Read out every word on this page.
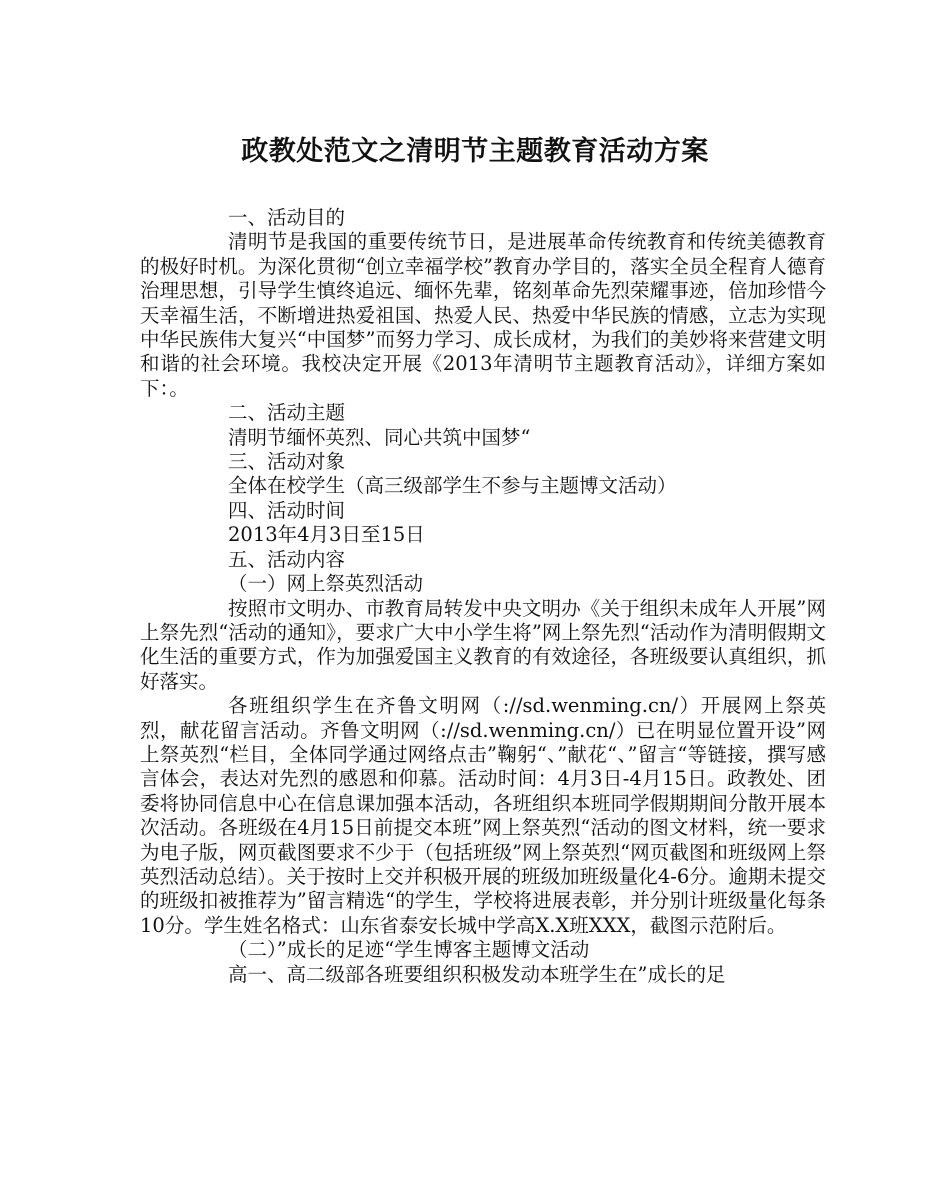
政教处范文之清明节主题教育活动方案

一、活动目的

清明节是我国的重要传统节日，是进展革命传统教育和传统美德教育的极好时机。为深化贯彻“创立幸福学校”教育办学目的，落实全员全程育人德育治理思想，引导学生慎终追远、缅怀先辈，铭刻革命先烈荣耀事迹，倍加珍惜今天幸福生活，不断增进热爱祖国、热爱人民、热爱中华民族的情感，立志为实现中华民族伟大复兴“中国梦”而努力学习、成长成材，为我们的美妙将来营建文明和谐的社会环境。我校决定开展《2013年清明节主题教育活动》，详细方案如下：。

二、活动主题

清明节缅怀英烈、同心共筑中国梦“

三、活动对象

全体在校学生（高三级部学生不参与主题博文活动）

四、活动时间

2013年4月3日至15日

五、活动内容

（一）网上祭英烈活动

按照市文明办、市教育局转发中央文明办《关于组织未成年人开展”网上祭先烈“活动的通知》，要求广大中小学生将”网上祭先烈“活动作为清明假期文化生活的重要方式，作为加强爱国主义教育的有效途径，各班级要认真组织，抓好落实。

各班组织学生在齐鲁文明网（://sd.wenming.cn/）开展网上祭英烈，献花留言活动。齐鲁文明网（://sd.wenming.cn/）已在明显位置开设”网上祭英烈“栏目，全体同学通过网络点击”鞠躬“、”献花“、”留言“等链接，撰写感言体会，表达对先烈的感恩和仰慕。活动时间：4月3日-4月15日。政教处、团委将协同信息中心在信息课加强本活动，各班组织本班同学假期期间分散开展本次活动。各班级在4月15日前提交本班”网上祭英烈“活动的图文材料，统一要求为电子版，网页截图要求不少于（包括班级”网上祭英烈“网页截图和班级网上祭英烈活动总结）。关于按时上交并积极开展的班级加班级量化4-6分。逾期未提交的班级扣被推荐为”留言精选“的学生，学校将进展表彰，并分别计班级量化每条10分。学生姓名格式：山东省泰安长城中学高X.X班XXX，截图示范附后。

（二）”成长的足迹“学生博客主题博文活动

高一、高二级部各班要组织积极发动本班学生在”成长的足
